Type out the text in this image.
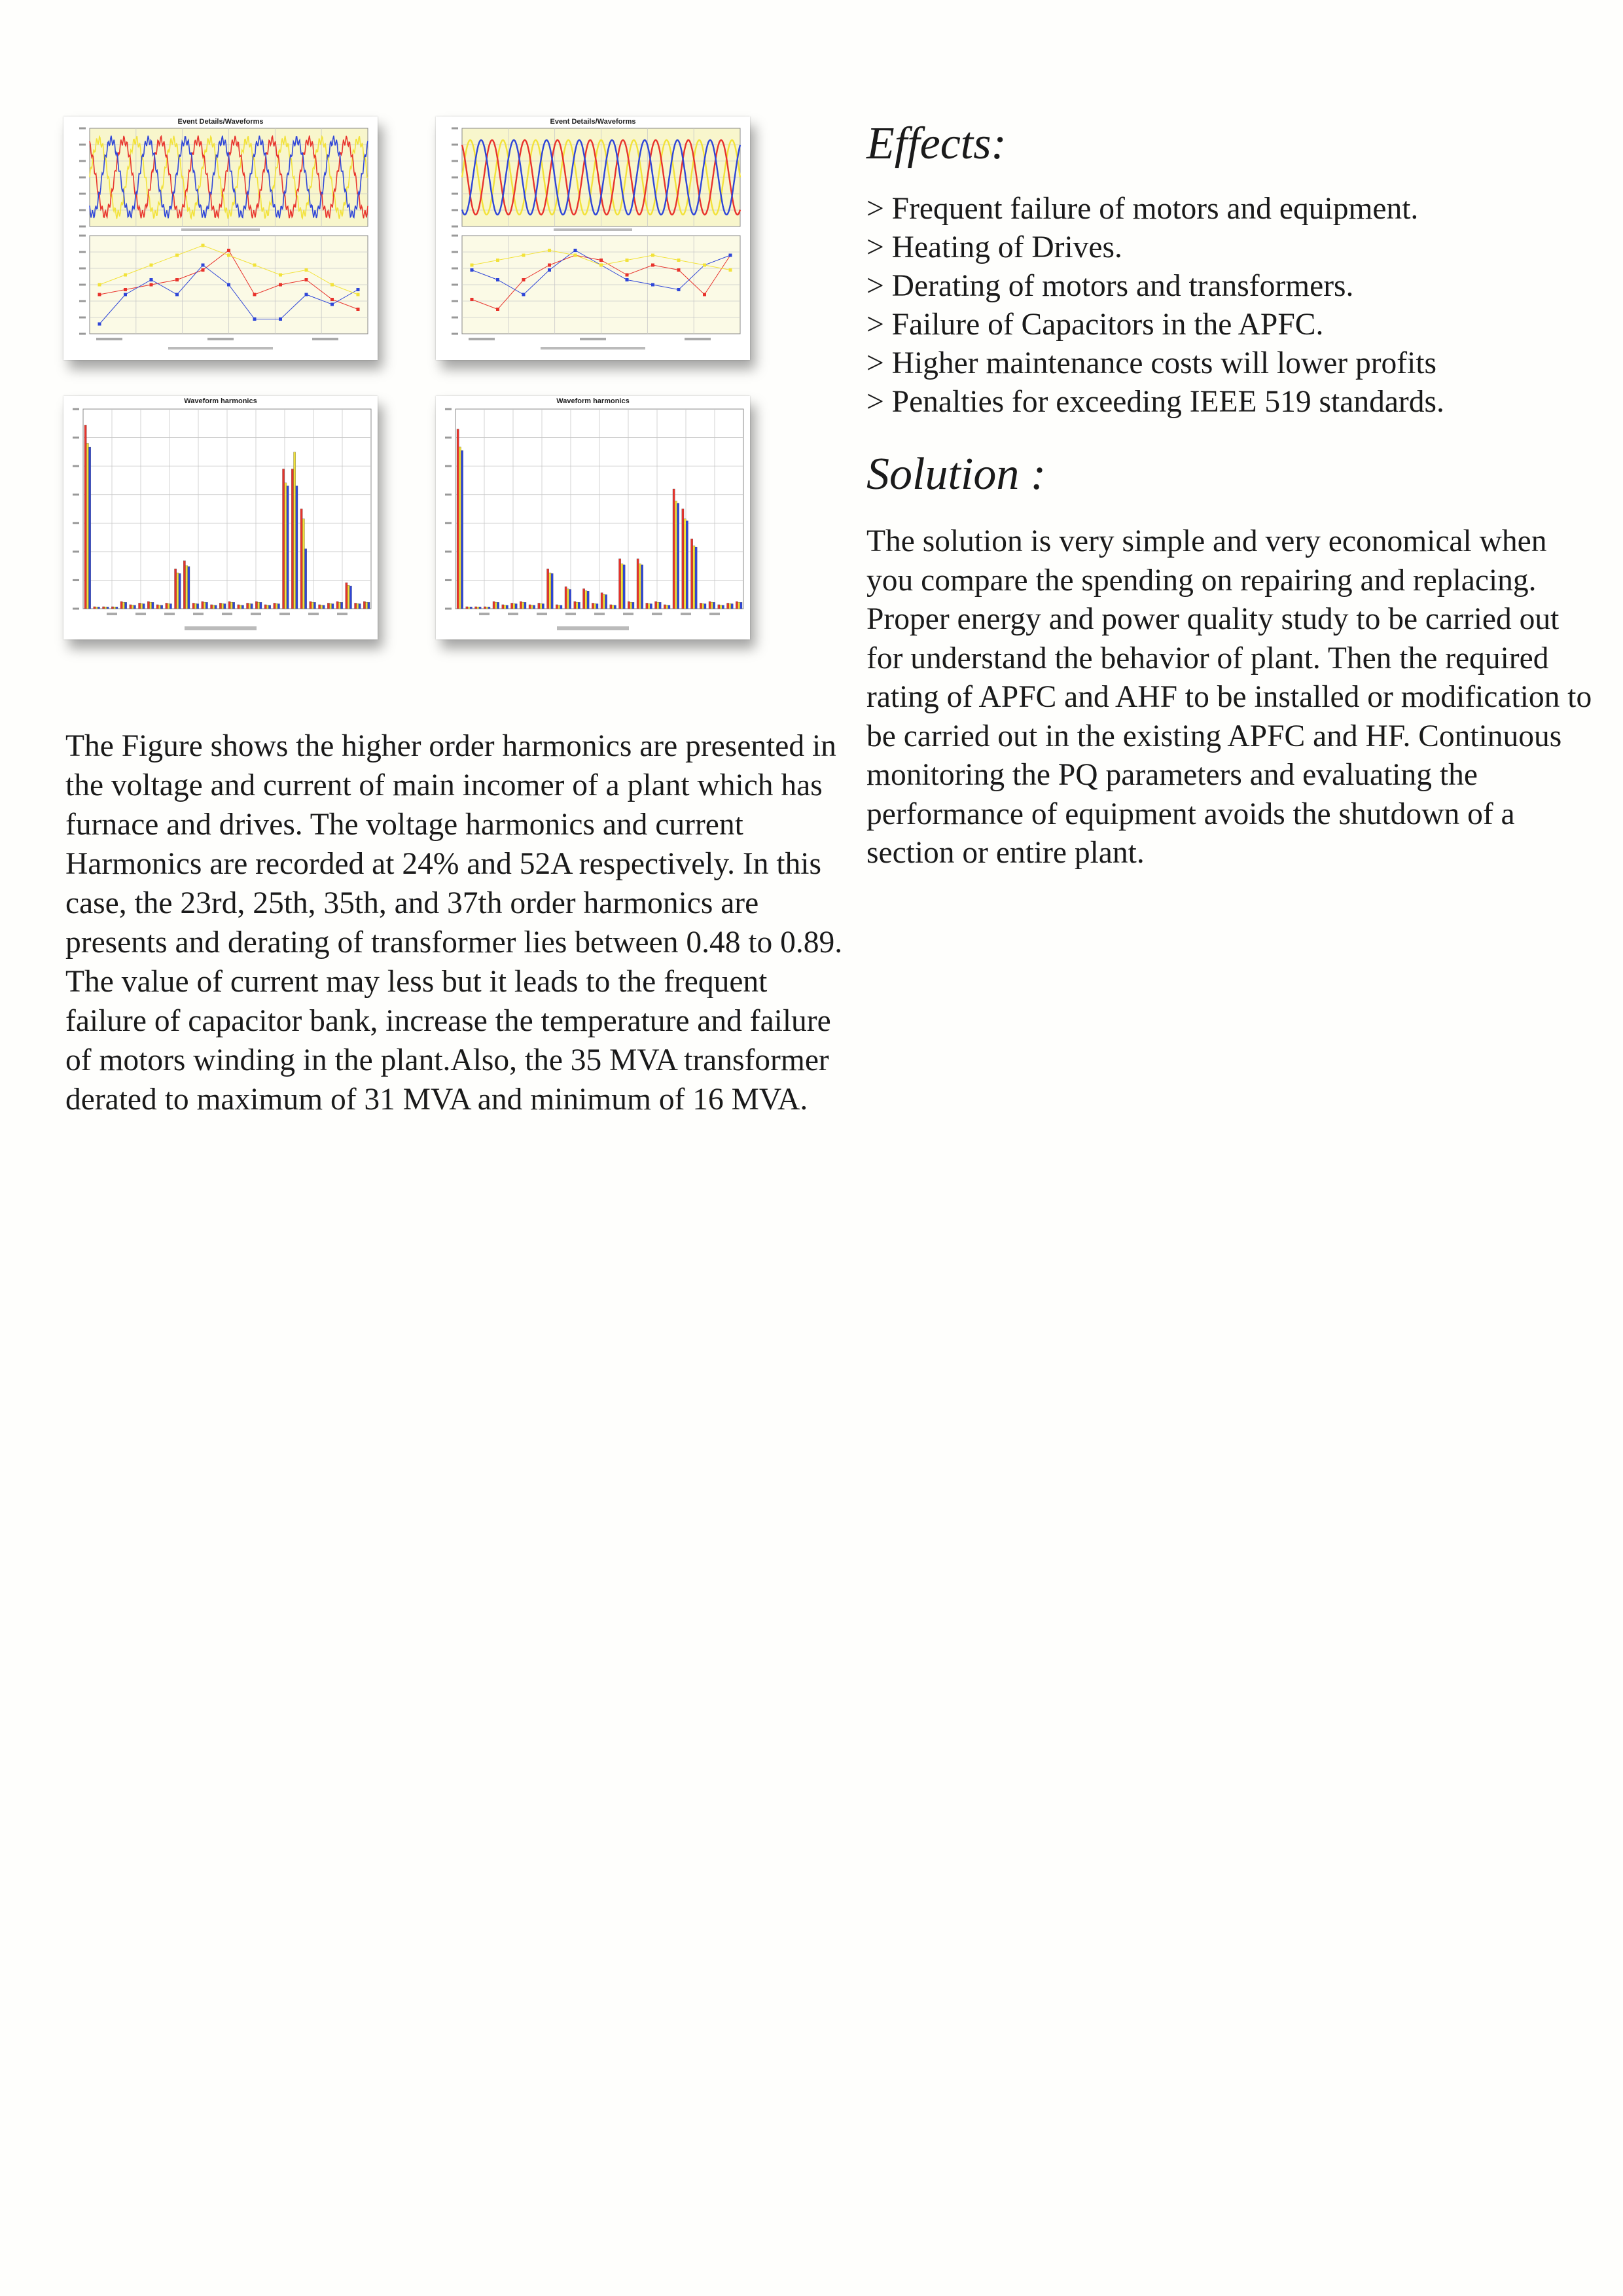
Event Details/Waveforms	Event Details/Waveforms
Waveform harmonics	Waveform harmonics
Effects:
> Frequent failure of motors and equipment.
> Heating of Drives.
> Derating of motors and transformers.
> Failure of Capacitors in the APFC.
> Higher maintenance costs will lower profits
> Penalties for exceeding IEEE 519 standards.
Solution :

The solution is very simple and very economical when you compare the spending on repairing and replacing. Proper energy and power quality study to be carried out for understand the behavior of plant. Then the required rating of APFC and AHF to be installed or modification to be carried out in the existing APFC and HF. Continuous monitoring the PQ parameters and evaluating the performance of equipment avoids the shutdown of a section or entire plant.

The Figure shows the higher order harmonics are presented in the voltage and current of main incomer of a plant which has furnace and drives. The voltage harmonics and current Harmonics are recorded at 24% and 52A respectively. In this case, the 23rd, 25th, 35th, and 37th order harmonics are presents and derating of transformer lies between 0.48 to 0.89. The value of current may less but it leads to the frequent failure of capacitor bank, increase the temperature and failure of motors winding in the plant.Also, the 35 MVA transformer derated to maximum of 31 MVA and minimum of 16 MVA.
